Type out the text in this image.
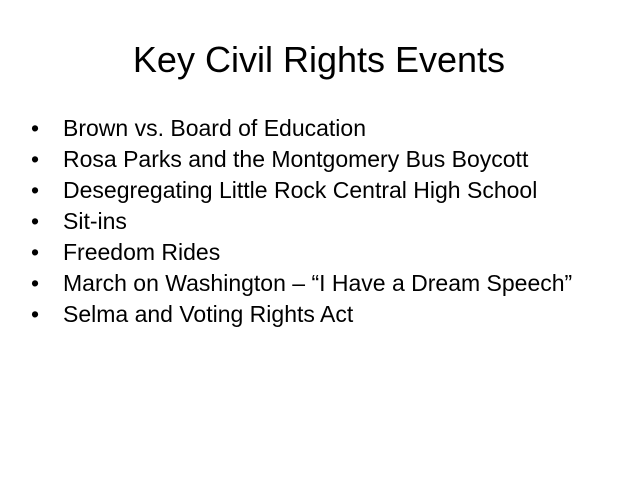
Key Civil Rights Events
•	Brown vs. Board of Education
•	Rosa Parks and the Montgomery Bus Boycott
•	Desegregating Little Rock Central High School
•	Sit-ins
•	Freedom Rides
•	March on Washington – “I Have a Dream Speech”
•	Selma and Voting Rights Act
